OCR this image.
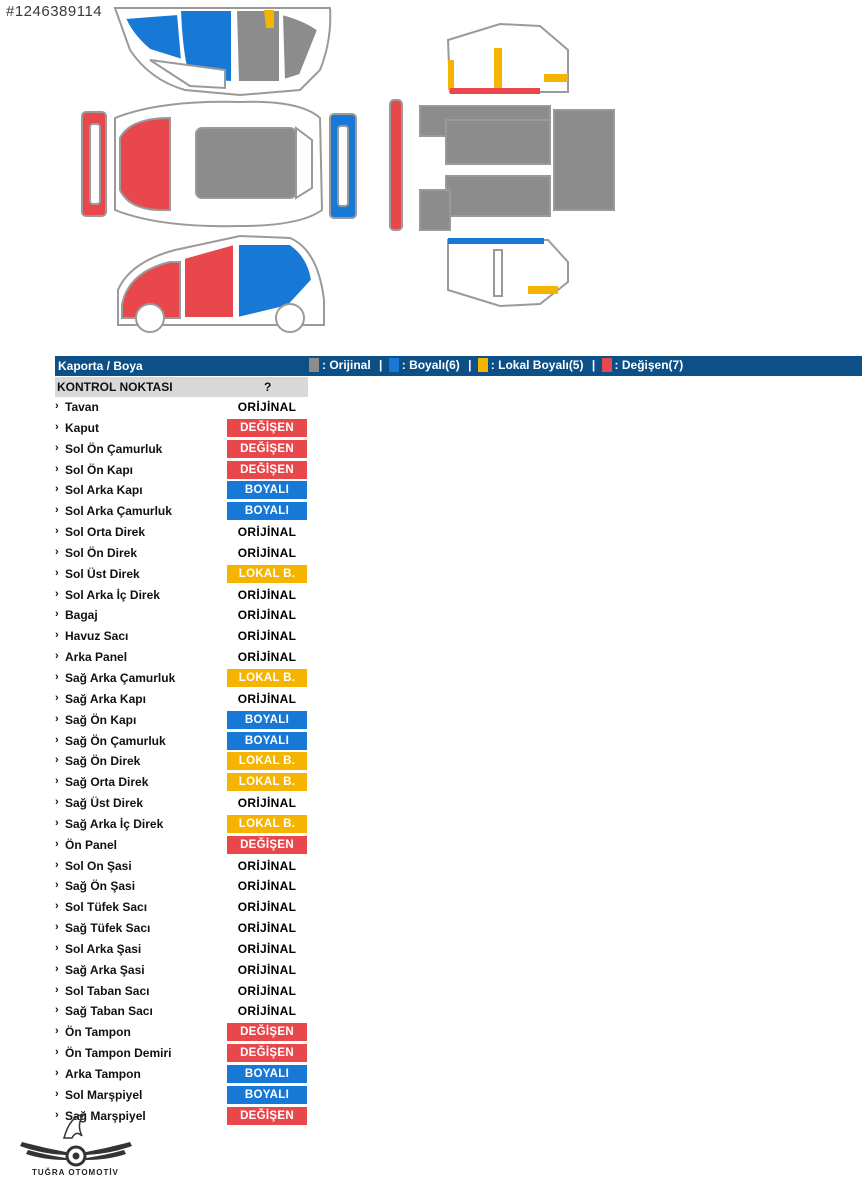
#1246389114
Kaporta / Boya	: Orijinal | : Boyalı(6) | : Lokal Boyalı(5) | : Değişen(7)
KONTROL NOKTASI	?
› Tavan	ORİJİNAL
› Kaput	DEĞİŞEN
› Sol Ön Çamurluk	DEĞİŞEN
› Sol Ön Kapı	DEĞİŞEN
› Sol Arka Kapı	BOYALI
› Sol Arka Çamurluk	BOYALI
› Sol Orta Direk	ORİJİNAL
› Sol Ön Direk	ORİJİNAL
› Sol Üst Direk	LOKAL B.
› Sol Arka İç Direk	ORİJİNAL
› Bagaj	ORİJİNAL
› Havuz Sacı	ORİJİNAL
› Arka Panel	ORİJİNAL
› Sağ Arka Çamurluk	LOKAL B.
› Sağ Arka Kapı	ORİJİNAL
› Sağ Ön Kapı	BOYALI
› Sağ Ön Çamurluk	BOYALI
› Sağ Ön Direk	LOKAL B.
› Sağ Orta Direk	LOKAL B.
› Sağ Üst Direk	ORİJİNAL
› Sağ Arka İç Direk	LOKAL B.
› Ön Panel	DEĞİŞEN
› Sol On Şasi	ORİJİNAL
› Sağ Ön Şasi	ORİJİNAL
› Sol Tüfek Sacı	ORİJİNAL
› Sağ Tüfek Sacı	ORİJİNAL
› Sol Arka Şasi	ORİJİNAL
› Sağ Arka Şasi	ORİJİNAL
› Sol Taban Sacı	ORİJİNAL
› Sağ Taban Sacı	ORİJİNAL
› Ön Tampon	DEĞİŞEN
› Ön Tampon Demiri	DEĞİŞEN
› Arka Tampon	BOYALI
› Sol Marşpiyel	BOYALI
› Sağ Marşpiyel	DEĞİŞEN
TUĞRA OTOMOTİV
